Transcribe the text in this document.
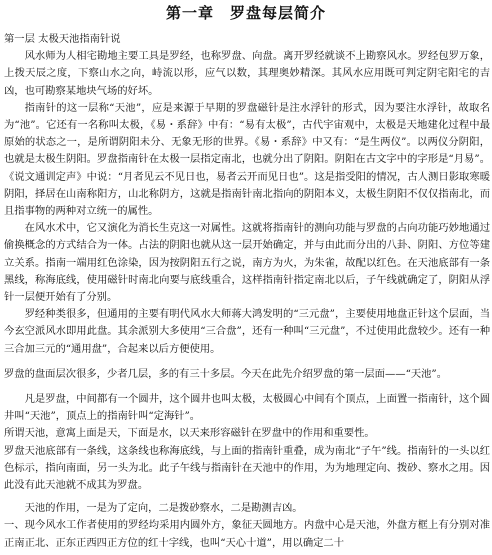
第一章　罗盘每层简介

第一层 太极天池指南针说

风水师为人相宅勘地主要工具是罗经，也称罗盘、向盘。离开罗经就谈不上勘察风水。罗经包罗万象，上拨天辰之度，下察山水之向，峙流以形，应气以数，其理奥妙精深。其风水应用既可判定阴宅阳宅的吉凶，也可勘察某地块气场的好坏。

指南针的这一层称“天池”，应是来源于早期的罗盘磁针是注水浮针的形式，因为要注水浮针，故取名为“池”。它还有一名称叫太极，《易・系辞》中有：“易有太极”，古代宇宙观中，太极是天地建化过程中最原始的状态之一，是所谓阴阳未分、无象无形的世界。《易・系辞》中又有：“是生两仪”。以两仪分阴阳，也就是太极生阴阳。罗盘指南针在太极一层指定南北，也就分出了阴阳。阴阳在古文字中的字形是“月易”。《说文通训定声》中说：“月者见云不见日也，易者云开而见日也”。这是指受阳的情况，古人测日影取寒暖阴阳，择居在山南称阳方，山北称阴方，这就是指南针南北指向的阴阳本义，太极生阴阳不仅仅指南北，而且指事物的两种对立统一的属性。

在风水术中，它又演化为消长生克这一对属性。这就将指南针的测向功能与罗盘的占向功能巧妙地通过偷换概念的方式结合为一体。占法的阴阳也就从这一层开始确定，并与由此而分出的八卦、阴阳、方位等建立关系。指南一端用红色涂染，因为按阴阳五行之说，南方为火，为朱雀，故配以红色。在天池底部有一条黑线，称海底线，使用磁针时南北向要与底线重合，这样指南针指定南北以后，子午线就确定了，阴阳从浮针一层便开始有了分别。

罗经种类很多，但通用的主要有明代风水大师蒋大鸿发明的“三元盘”，主要使用地盘正针这个层面，当今玄空派风水即用此盘。其余派别大多使用“三合盘”，还有一种叫“三元盘”，不过使用此盘较少。还有一种三合加三元的“通用盘”，合起来以后方便使用。

罗盘的盘面层次很多，少者几层，多的有三十多层。今天在此先介绍罗盘的第一层面——“天池”。

凡是罗盘，中间都有一个圆井，这个圆井也叫太极，太极圆心中间有个顶点，上面置一指南针，这个圆井叫“天池”，顶点上的指南针叫“定海针”。

所谓天池，意寓上面是天，下面是水，以天来形容磁针在罗盘中的作用和重要性。

罗盘天池底部有一条线，这条线也称海底线，与上面的指南针重叠，成为南北“子午”线。指南针的一头以红色标示，指向南面，另一头为北。此子午线与指南针在天池中的作用，为为地理定向、拨砂、察水之用。因此没有此天池就不成其为罗盘。

天池的作用，一是为了定向，二是拨砂察水，二是勘测吉凶。

一、现今风水工作者使用的罗经均采用内圆外方，象征天圆地方。内盘中心是天池，外盘方框上有分别对准正南正北、正东正西四正方位的红十字线，也叫“天心十道”，用以确定二十
